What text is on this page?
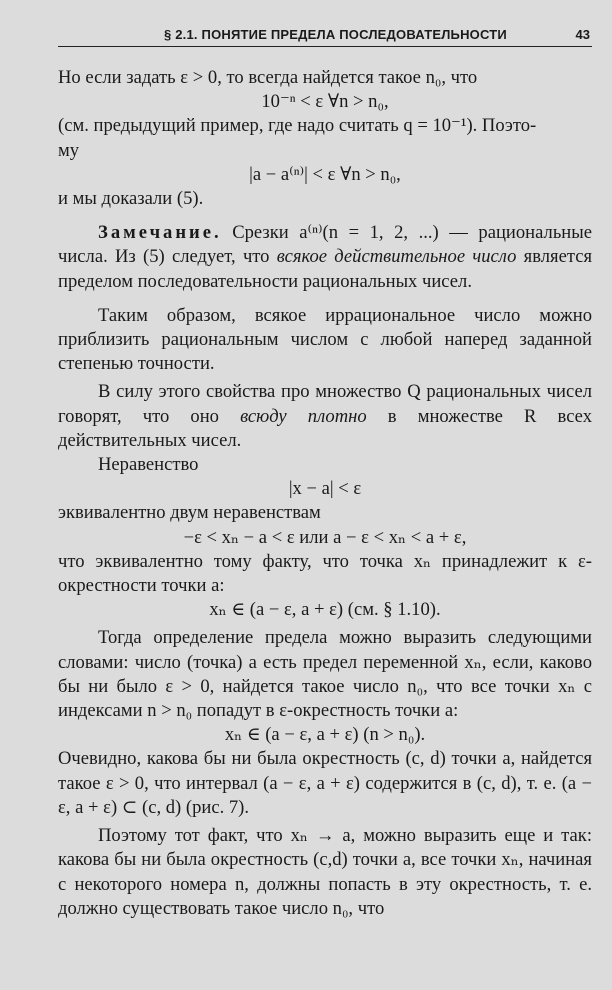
§ 2.1. ПОНЯТИЕ ПРЕДЕЛА ПОСЛЕДОВАТЕЛЬНОСТИ	43

Но если задать ε > 0, то всегда найдется такое n₀, что

10⁻ⁿ < ε ∀n > n₀,

(см. предыдущий пример, где надо считать q = 10⁻¹). Поэто-

му

|a − a⁽ⁿ⁾| < ε ∀n > n₀,

и мы доказали (5).

Замечание. Срезки a⁽ⁿ⁾(n = 1, 2, ...) — рациональные числа. Из (5) следует, что всякое действительное число является пределом последовательности рациональных чисел.

Таким образом, всякое иррациональное число можно приблизить рациональным числом с любой наперед заданной степенью точности.

В силу этого свойства про множество Q рациональных чисел говорят, что оно всюду плотно в множестве R всех действительных чисел.

Неравенство

|x − a| < ε

эквивалентно двум неравенствам

−ε < xₙ − a < ε или a − ε < xₙ < a + ε,

что эквивалентно тому факту, что точка xₙ принадлежит к ε-окрестности точки a:

xₙ ∈ (a − ε, a + ε) (см. § 1.10).

Тогда определение предела можно выразить следующими словами: число (точка) a есть предел переменной xₙ, если, каково бы ни было ε > 0, найдется такое число n₀, что все точки xₙ с индексами n > n₀ попадут в ε-окрестность точки a:

xₙ ∈ (a − ε, a + ε) (n > n₀).

Очевидно, какова бы ни была окрестность (c, d) точки a, найдется такое ε > 0, что интервал (a − ε, a + ε) содержится в (c, d), т. е. (a − ε, a + ε) ⊂ (c, d) (рис. 7).

Поэтому тот факт, что xₙ → a, можно выразить еще и так: какова бы ни была окрестность (c,d) точки a, все точки xₙ, начиная с некоторого номера n, должны попасть в эту окрестность, т. е. должно существовать такое число n₀, что
